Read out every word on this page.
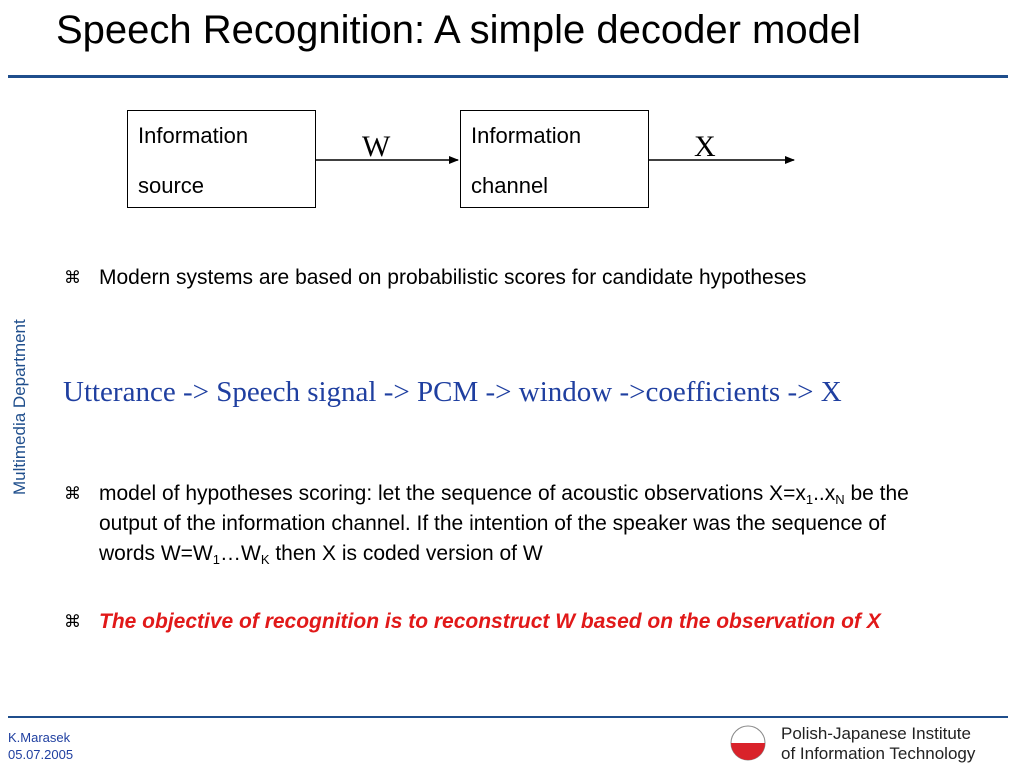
Speech Recognition: A simple decoder model
Multimedia Department
Information
source
Information
channel
W	X
⌘ Modern systems are based on probabilistic scores for candidate hypotheses
Utterance -> Speech signal -> PCM -> window ->coefficients -> X
⌘ model of hypotheses scoring: let the sequence of acoustic observations $X=x_1..x_N$ be the output of the information channel. If the intention of the speaker was the sequence of words $W=W_1\dots W_K$ then X is coded version of W
⌘ The objective of recognition is to reconstruct W based on the observation of X
K.Marasek
05.07.2005
Polish-Japanese Institute
of Information Technology
